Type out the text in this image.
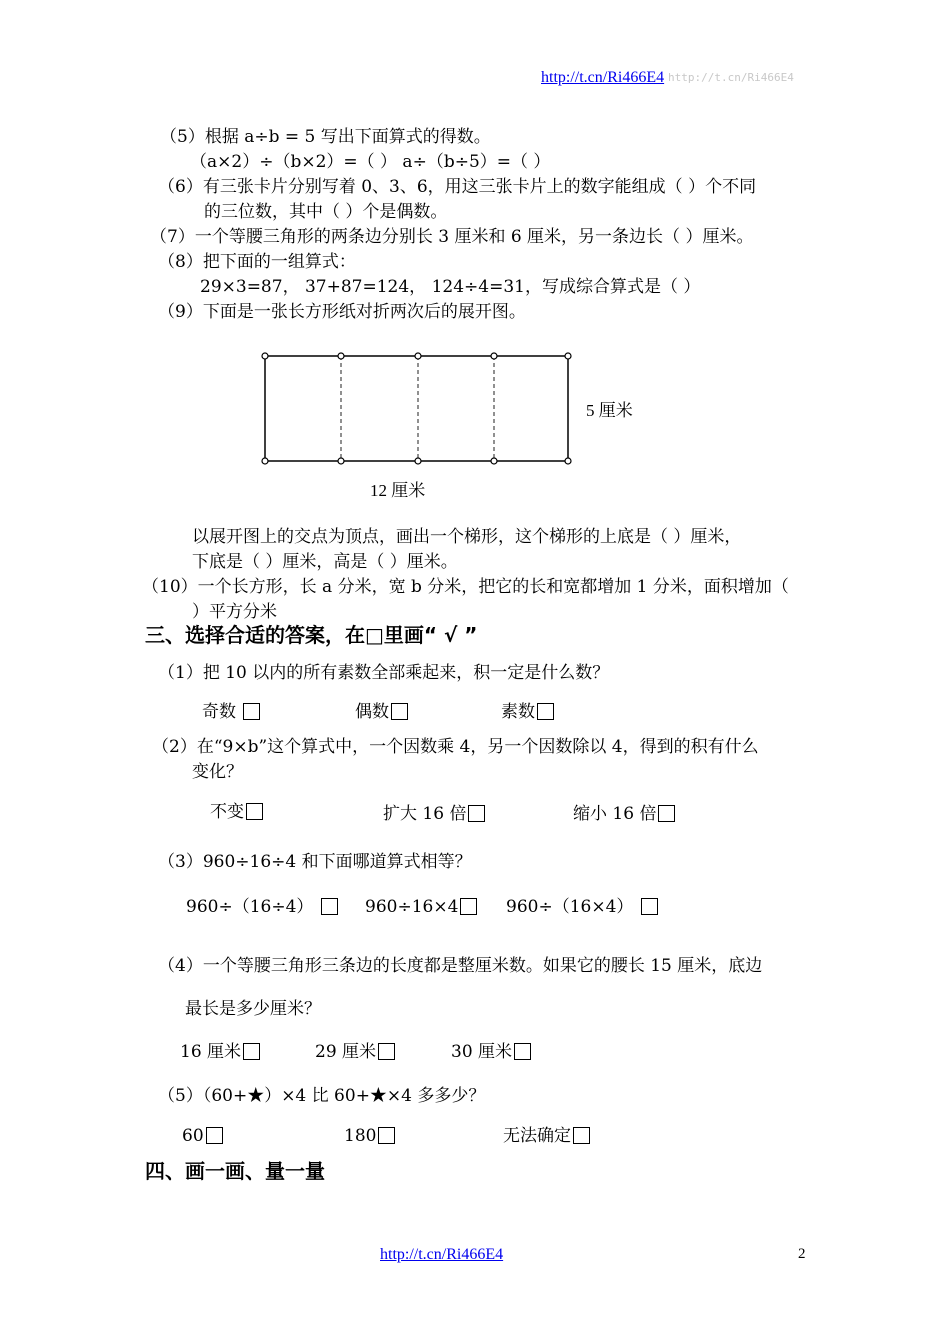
http://t.cn/Ri466E4 http://t.cn/Ri466E4
（5）根据 a÷b = 5 写出下面算式的得数。
（a×2）÷（b×2）=（ ） a÷（b÷5）=（ ）
（6）有三张卡片分别写着 0、3、6，用这三张卡片上的数字能组成（ ）个不同
的三位数，其中（ ）个是偶数。
（7）一个等腰三角形的两条边分别长 3 厘米和 6 厘米，另一条边长（ ）厘米。
（8）把下面的一组算式：
29×3=87， 37+87=124， 124÷4=31，写成综合算式是（ ）
（9）下面是一张长方形纸对折两次后的展开图。
5 厘米
12 厘米
以展开图上的交点为顶点，画出一个梯形，这个梯形的上底是（ ）厘米，
下底是（ ）厘米，高是（ ）厘米。
（10）一个长方形，长 a 分米，宽 b 分米，把它的长和宽都增加 1 分米，面积增加（
）平方分米
三、选择合适的答案，在□里画“ √ ”
（1）把 10 以内的所有素数全部乘起来，积一定是什么数？
奇数	偶数	素数
（2）在“9×b”这个算式中，一个因数乘 4，另一个因数除以 4，得到的积有什么
变化？
不变	扩大 16 倍	缩小 16 倍
（3）960÷16÷4 和下面哪道算式相等？
960÷（16÷4）	960÷16×4	960÷（16×4）
（4）一个等腰三角形三条边的长度都是整厘米数。如果它的腰长 15 厘米，底边
最长是多少厘米？
16 厘米	29 厘米	30 厘米
（5）（60+★）×4 比 60+★×4 多多少？
60	180	无法确定
四、画一画、量一量
http://t.cn/Ri466E4	2
